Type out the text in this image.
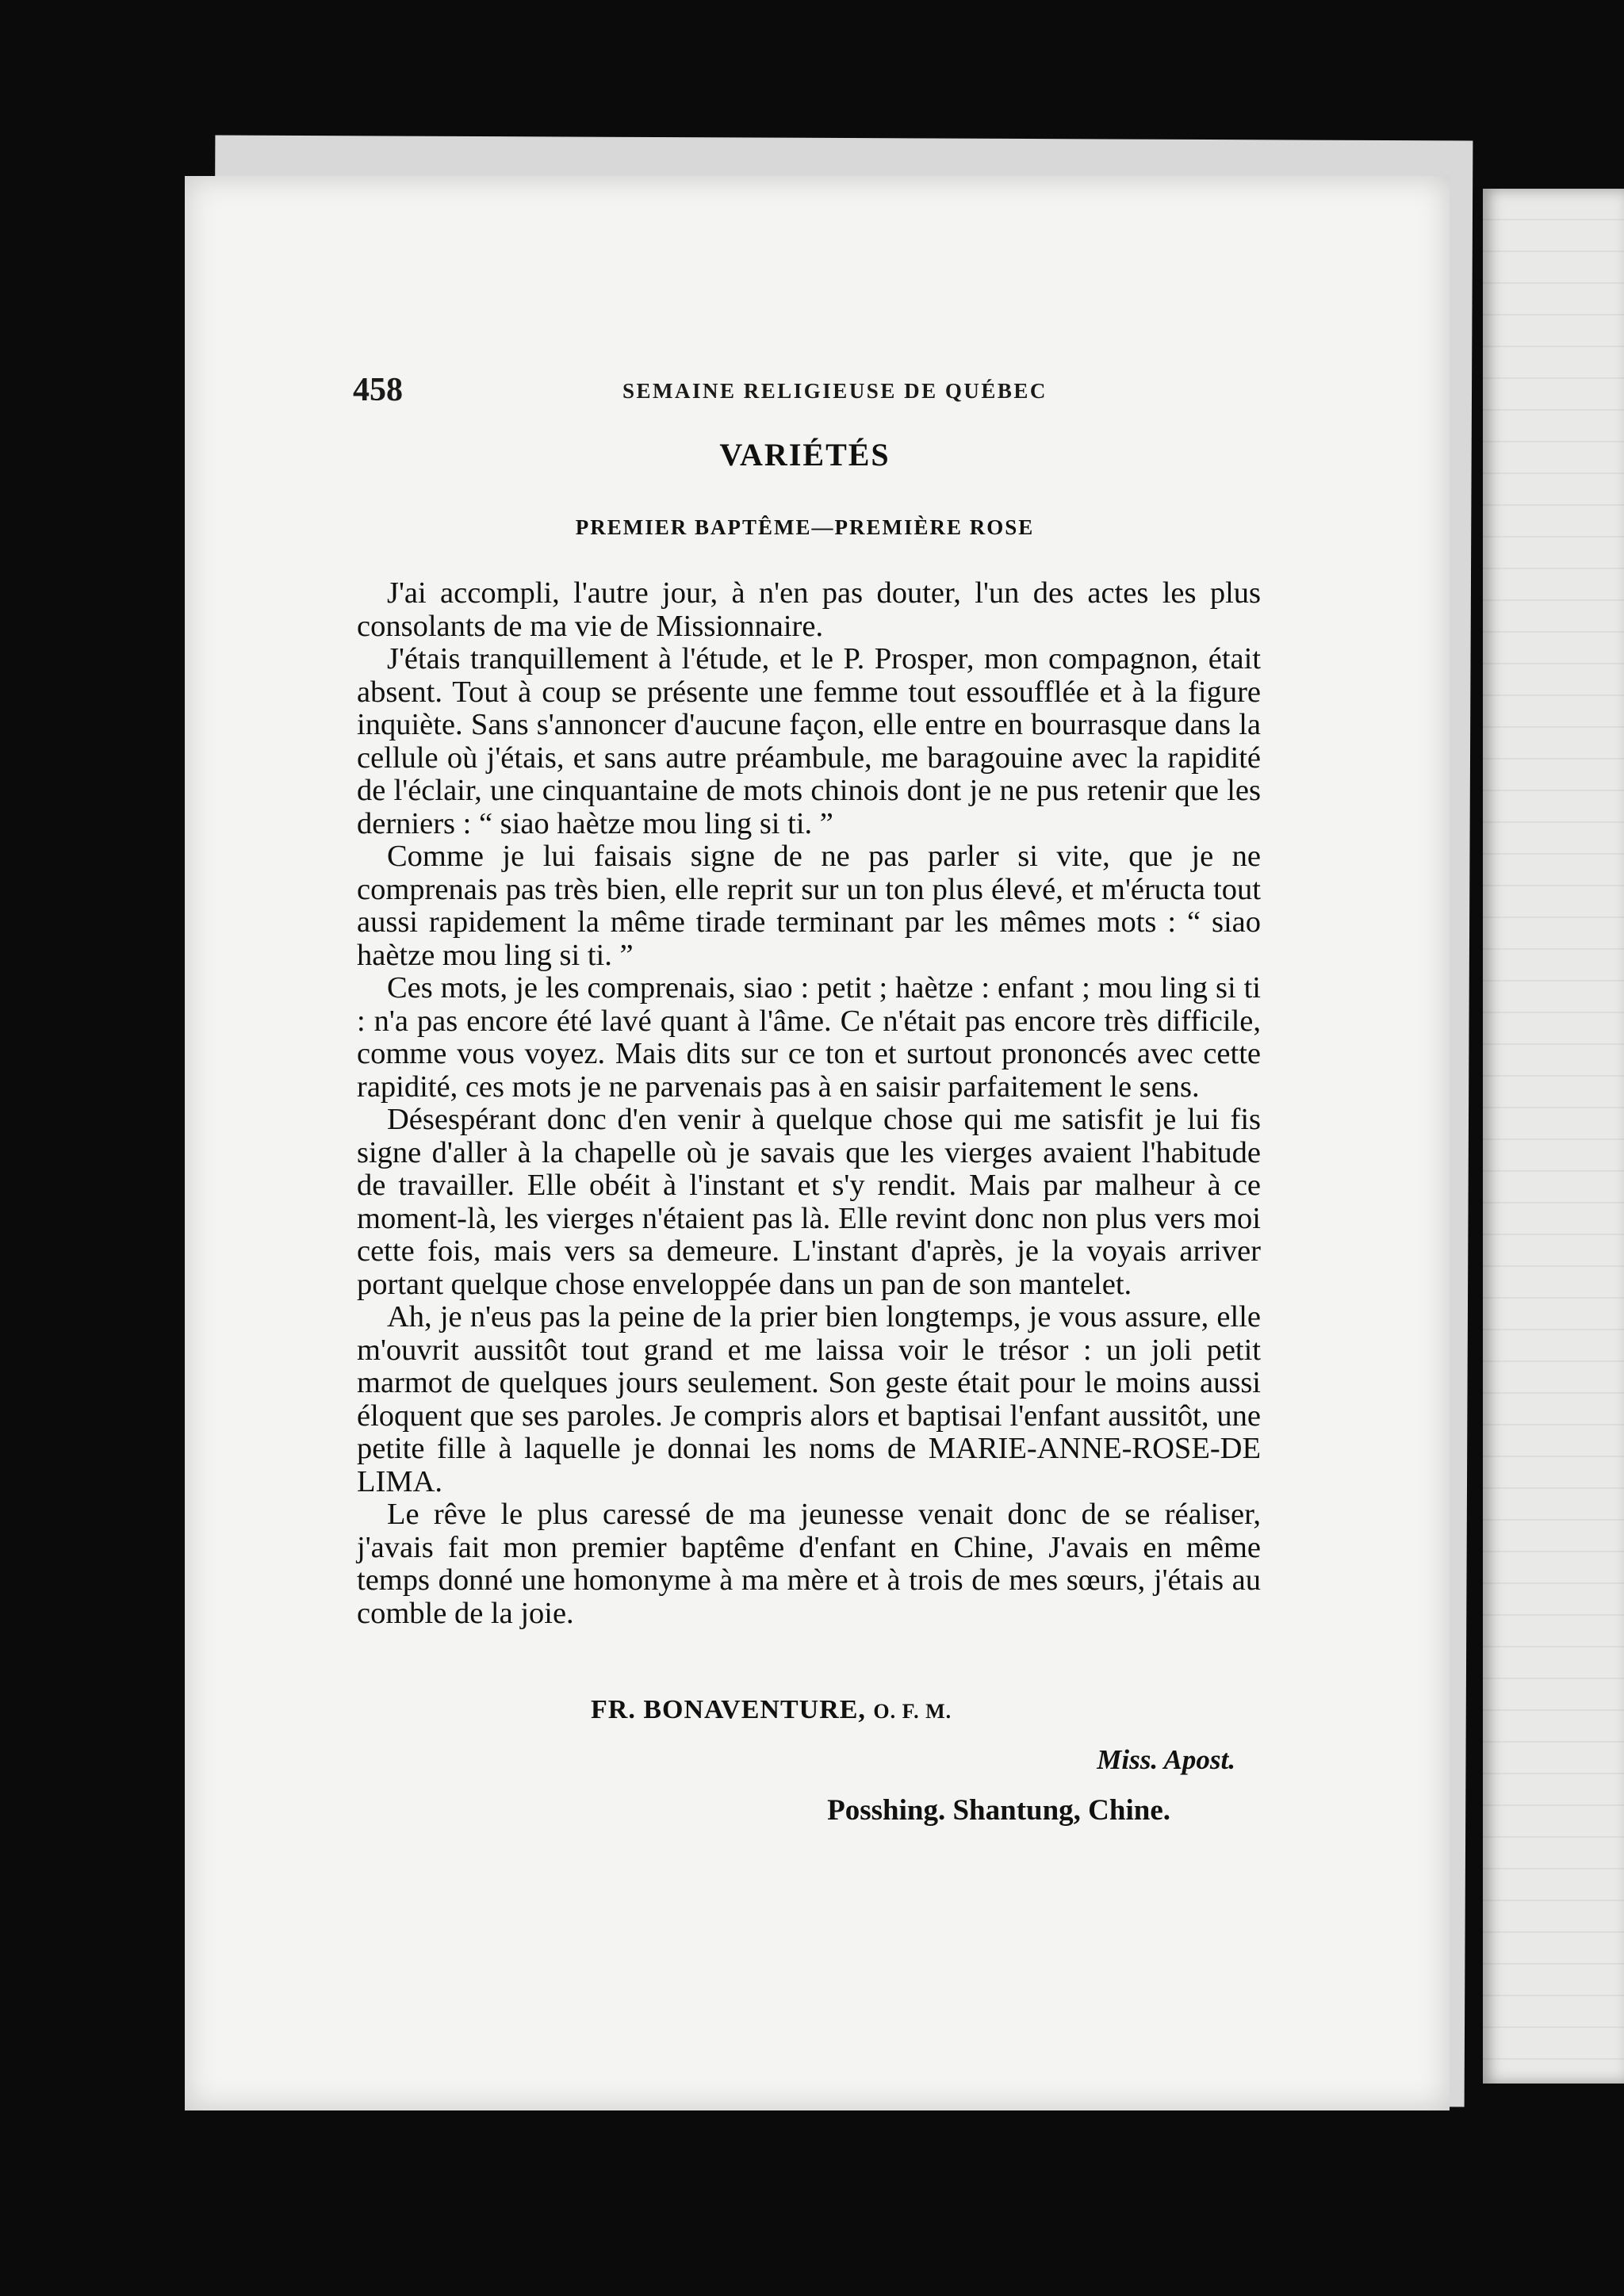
458	SEMAINE RELIGIEUSE DE QUÉBEC
VARIÉTÉS
PREMIER BAPTÊME—PREMIÈRE ROSE

J'ai accompli, l'autre jour, à n'en pas douter, l'un des actes les plus consolants de ma vie de Missionnaire.

J'étais tranquillement à l'étude, et le P. Prosper, mon compagnon, était absent. Tout à coup se présente une femme tout essoufflée et à la figure inquiète. Sans s'annoncer d'aucune façon, elle entre en bourrasque dans la cellule où j'étais, et sans autre préambule, me baragouine avec la rapidité de l'éclair, une cinquantaine de mots chinois dont je ne pus retenir que les derniers : “ siao haètze mou ling si ti. ”

Comme je lui faisais signe de ne pas parler si vite, que je ne comprenais pas très bien, elle reprit sur un ton plus élevé, et m'éructa tout aussi rapidement la même tirade terminant par les mêmes mots : “ siao haètze mou ling si ti. ”

Ces mots, je les comprenais, siao : petit ; haètze : enfant ; mou ling si ti : n'a pas encore été lavé quant à l'âme. Ce n'était pas encore très difficile, comme vous voyez. Mais dits sur ce ton et surtout prononcés avec cette rapidité, ces mots je ne parvenais pas à en saisir parfaitement le sens.

Désespérant donc d'en venir à quelque chose qui me satisfit je lui fis signe d'aller à la chapelle où je savais que les vierges avaient l'habitude de travailler. Elle obéit à l'instant et s'y rendit. Mais par malheur à ce moment-là, les vierges n'étaient pas là. Elle revint donc non plus vers moi cette fois, mais vers sa demeure. L'instant d'après, je la voyais arriver portant quelque chose enveloppée dans un pan de son mantelet.

Ah, je n'eus pas la peine de la prier bien longtemps, je vous assure, elle m'ouvrit aussitôt tout grand et me laissa voir le trésor : un joli petit marmot de quelques jours seulement. Son geste était pour le moins aussi éloquent que ses paroles. Je compris alors et baptisai l'enfant aussitôt, une petite fille à laquelle je donnai les noms de MARIE-ANNE-ROSE-DE LIMA.

Le rêve le plus caressé de ma jeunesse venait donc de se réaliser, j'avais fait mon premier baptême d'enfant en Chine, J'avais en même temps donné une homonyme à ma mère et à trois de mes sœurs, j'étais au comble de la joie.

FR. BONAVENTURE, O. F. M.
Miss. Apost.
Posshing. Shantung, Chine.
